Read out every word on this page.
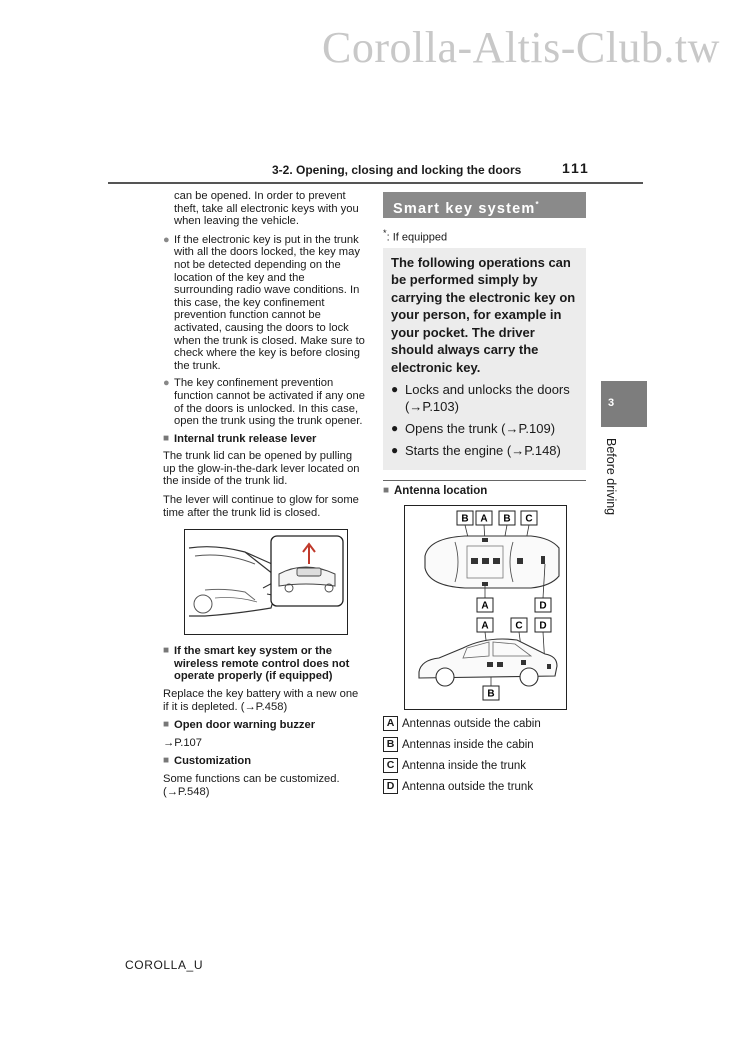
Corolla-Altis-Club.tw
3-2. Opening, closing and locking the doors	111

can be opened. In order to prevent theft, take all electronic keys with you when leaving the vehicle.

● If the electronic key is put in the trunk with all the doors locked, the key may not be detected depending on the location of the key and the surrounding radio wave conditions. In this case, the key confinement prevention function cannot be activated, causing the doors to lock when the trunk is closed. Make sure to check where the key is before closing the trunk.

● The key confinement prevention function cannot be activated if any one of the doors is unlocked. In this case, open the trunk using the trunk opener.

■ Internal trunk release lever

The trunk lid can be opened by pulling up the glow-in-the-dark lever located on the inside of the trunk lid.

The lever will continue to glow for some time after the trunk lid is closed.

■ If the smart key system or the wireless remote control does not operate properly (if equipped)

Replace the key battery with a new one if it is depleted. (→P.458)

■ Open door warning buzzer

→P.107

■ Customization

Some functions can be customized. (→P.548)

Smart key system*
*: If equipped

The following operations can be performed simply by carrying the electronic key on your person, for example in your pocket. The driver should always carry the electronic key.

● Locks and unlocks the doors (→P.103)
● Opens the trunk (→P.109)
● Starts the engine (→P.148)
■ Antenna location
B A B C
A	D
A	C D
B
A Antennas outside the cabin
B Antennas inside the cabin
C Antenna inside the trunk
D Antenna outside the trunk
3
Before driving
COROLLA_U
